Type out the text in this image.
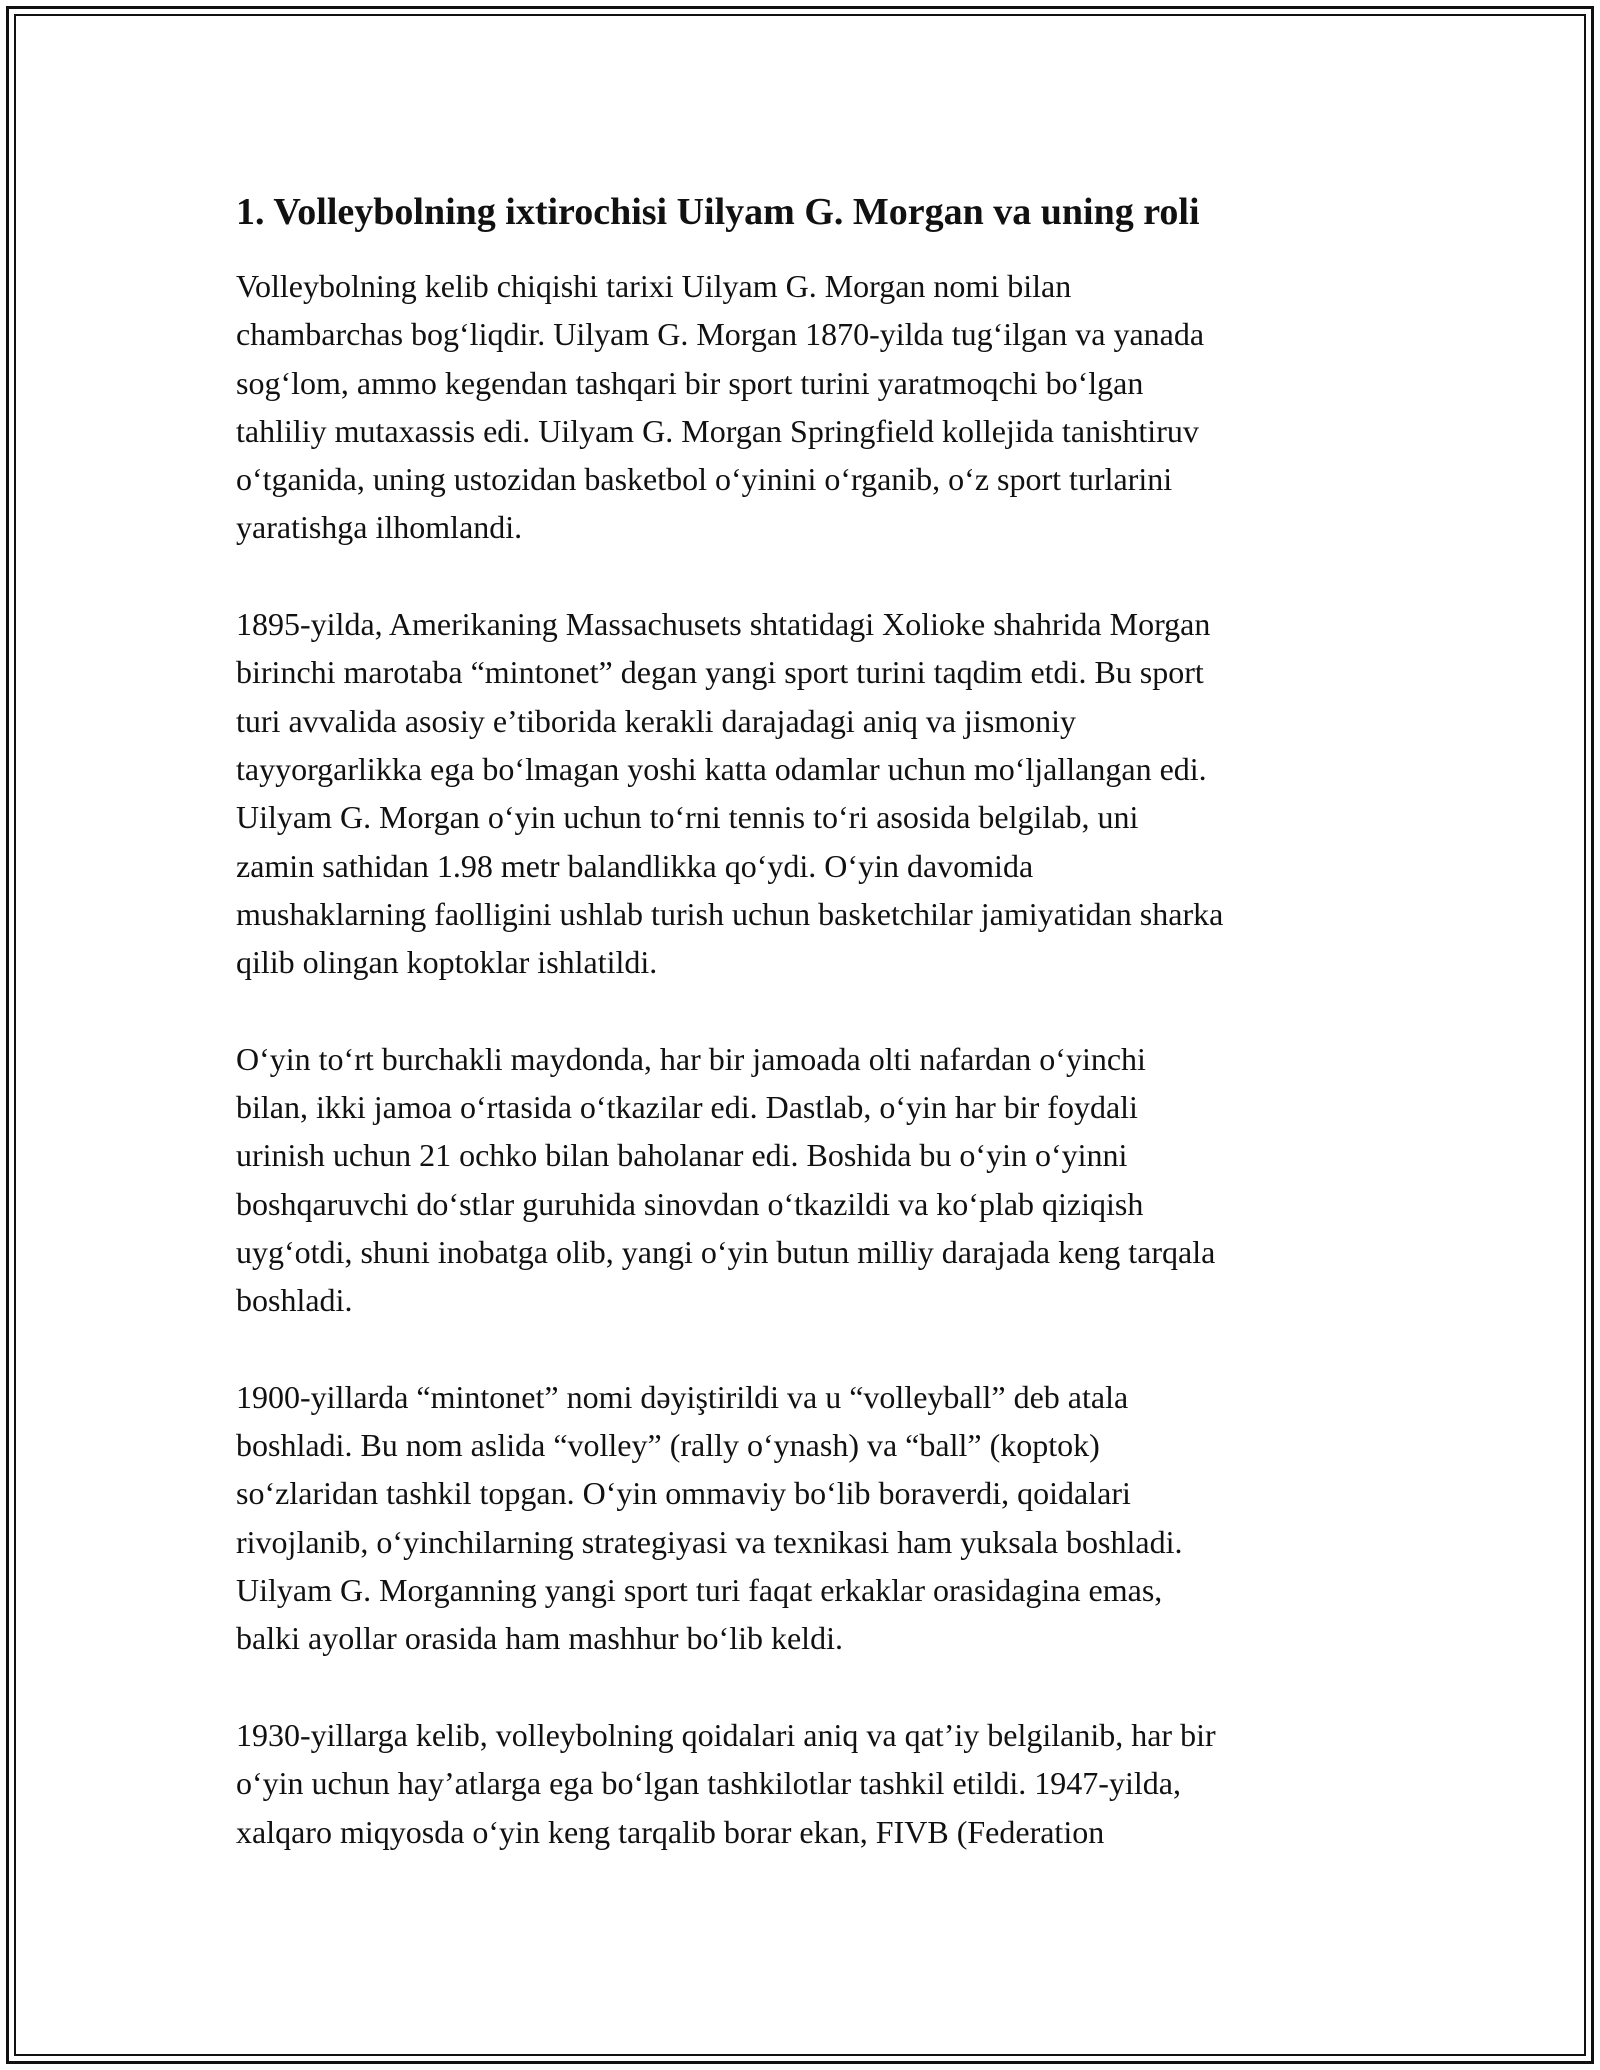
1. Volleybolning ixtirochisi Uilyam G. Morgan va uning roli
Volleybolning kelib chiqishi tarixi Uilyam G. Morgan nomi bilan
chambarchas bog‘liqdir. Uilyam G. Morgan 1870-yilda tug‘ilgan va yanada
sog‘lom, ammo kegendan tashqari bir sport turini yaratmoqchi bo‘lgan
tahliliy mutaxassis edi. Uilyam G. Morgan Springfield kollejida tanishtiruv
o‘tganida, uning ustozidan basketbol o‘yinini o‘rganib, o‘z sport turlarini
yaratishga ilhomlandi.
1895-yilda, Amerikaning Massachusets shtatidagi Xolioke shahrida Morgan
birinchi marotaba “mintonet” degan yangi sport turini taqdim etdi. Bu sport
turi avvalida asosiy e’tiborida kerakli darajadagi aniq va jismoniy
tayyorgarlikka ega bo‘lmagan yoshi katta odamlar uchun mo‘ljallangan edi.
Uilyam G. Morgan o‘yin uchun to‘rni tennis to‘ri asosida belgilab, uni
zamin sathidan 1.98 metr balandlikka qo‘ydi. O‘yin davomida
mushaklarning faolligini ushlab turish uchun basketchilar jamiyatidan sharka
qilib olingan koptoklar ishlatildi.
O‘yin to‘rt burchakli maydonda, har bir jamoada olti nafardan o‘yinchi
bilan, ikki jamoa o‘rtasida o‘tkazilar edi. Dastlab, o‘yin har bir foydali
urinish uchun 21 ochko bilan baholanar edi. Boshida bu o‘yin o‘yinni
boshqaruvchi do‘stlar guruhida sinovdan o‘tkazildi va ko‘plab qiziqish
uyg‘otdi, shuni inobatga olib, yangi o‘yin butun milliy darajada keng tarqala
boshladi.
1900-yillarda “mintonet” nomi dəyiştirildi va u “volleyball” deb atala
boshladi. Bu nom aslida “volley” (rally o‘ynash) va “ball” (koptok)
so‘zlaridan tashkil topgan. O‘yin ommaviy bo‘lib boraverdi, qoidalari
rivojlanib, o‘yinchilarning strategiyasi va texnikasi ham yuksala boshladi.
Uilyam G. Morganning yangi sport turi faqat erkaklar orasidagina emas,
balki ayollar orasida ham mashhur bo‘lib keldi.
1930-yillarga kelib, volleybolning qoidalari aniq va qat’iy belgilanib, har bir
o‘yin uchun hay’atlarga ega bo‘lgan tashkilotlar tashkil etildi. 1947-yilda,
xalqaro miqyosda o‘yin keng tarqalib borar ekan, FIVB (Federation
